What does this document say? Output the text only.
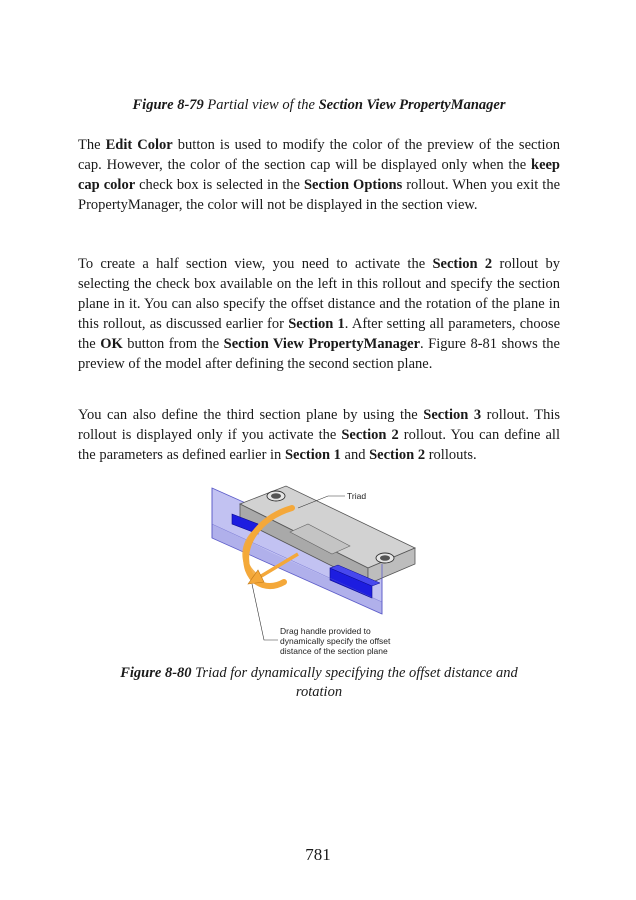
Figure 8-79 Partial view of the Section View PropertyManager

The Edit Color button is used to modify the color of the preview of the section cap. However, the color of the section cap will be displayed only when the keep cap color check box is selected in the Section Options rollout. When you exit the PropertyManager, the color will not be displayed in the section view.

To create a half section view, you need to activate the Section 2 rollout by selecting the check box available on the left in this rollout and specify the section plane in it. You can also specify the offset distance and the rotation of the plane in this rollout, as discussed earlier for Section 1. After setting all parameters, choose the OK button from the Section View PropertyManager. Figure 8-81 shows the preview of the model after defining the second section plane.

You can also define the third section plane by using the Section 3 rollout. This rollout is displayed only if you activate the Section 2 rollout. You can define all the parameters as defined earlier in Section 1 and Section 2 rollouts.

Triad
Drag handle provided to
dynamically specify the offset
distance of the section plane
Figure 8-80 Triad for dynamically specifying the offset distance and
rotation
781
